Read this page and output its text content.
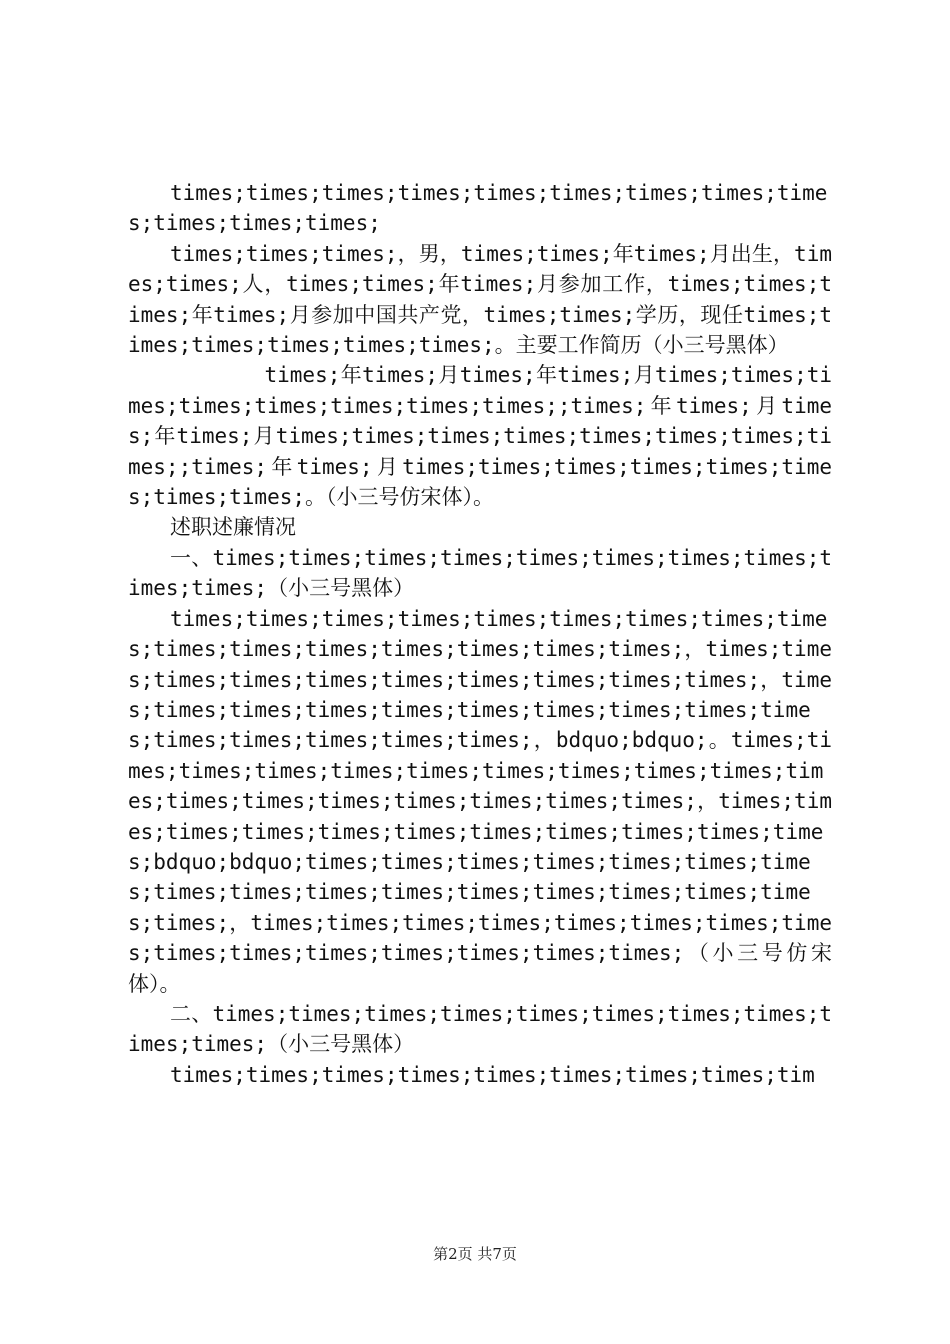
times;times;times;times;times;times;times;times;times;times;times;times;

times;times;times;，男，times;times;年times;月出生，times;times;人，times;times;年times;月参加工作，times;times;times;年times;月参加中国共产党，times;times;学历，现任times;times;times;times;times;times;。主要工作简历（小三号黑体）

times;年times;月times;年times;月times;times;times;times;times;times;times;times;;times;年times;月times;年times;月times;times;times;times;times;times;times;times;;times;年times;月times;times;times;times;times;times;times;times;。（小三号仿宋体）。

述职述廉情况

一、times;times;times;times;times;times;times;times;times;times;（小三号黑体）

times;times;times;times;times;times;times;times;times;times;times;times;times;times;times;times;，times;times;times;times;times;times;times;times;times;times;，times;times;times;times;times;times;times;times;times;times;times;times;times;times;times;，bdquo;bdquo;。times;times;times;times;times;times;times;times;times;times;times;times;times;times;times;times;times;times;，times;times;times;times;times;times;times;times;times;times;times;bdquo;bdquo;times;times;times;times;times;times;times;times;times;times;times;times;times;times;times;times;times;，times;times;times;times;times;times;times;times;times;times;times;times;times;times;times;（小三号仿宋体）。

二、times;times;times;times;times;times;times;times;times;times;（小三号黑体）

times;times;times;times;times;times;times;times;tim

第2页 共7页
